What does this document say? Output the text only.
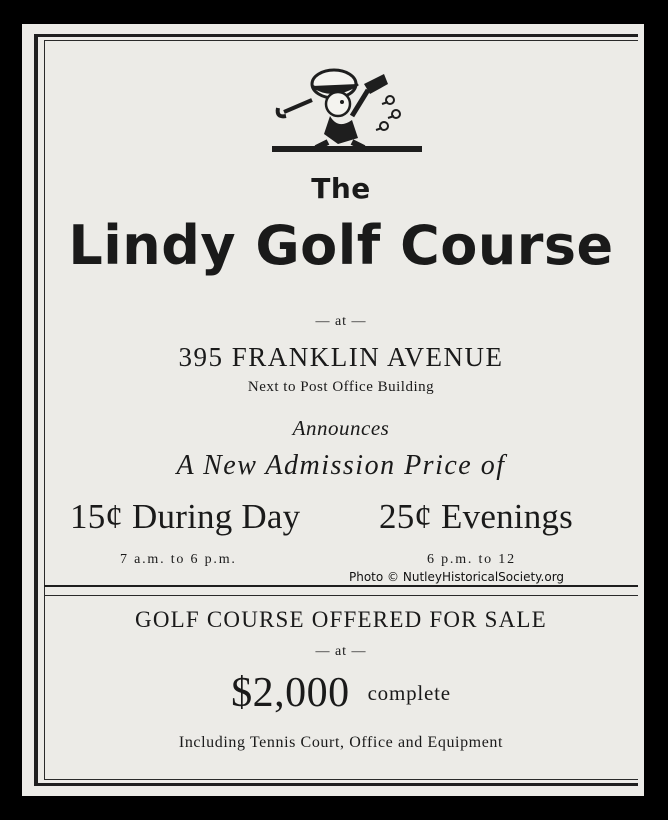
The
Lindy Golf Course
— at —
395 FRANKLIN AVENUE
Next to Post Office Building
Announces
A New Admission Price of
15¢ During Day 25¢ Evenings
7 a.m. to 6 p.m.	6 p.m. to 12
Photo © NutleyHistoricalSociety.org
GOLF COURSE OFFERED FOR SALE
— at —
$2,000 complete
Including Tennis Court, Office and Equipment
